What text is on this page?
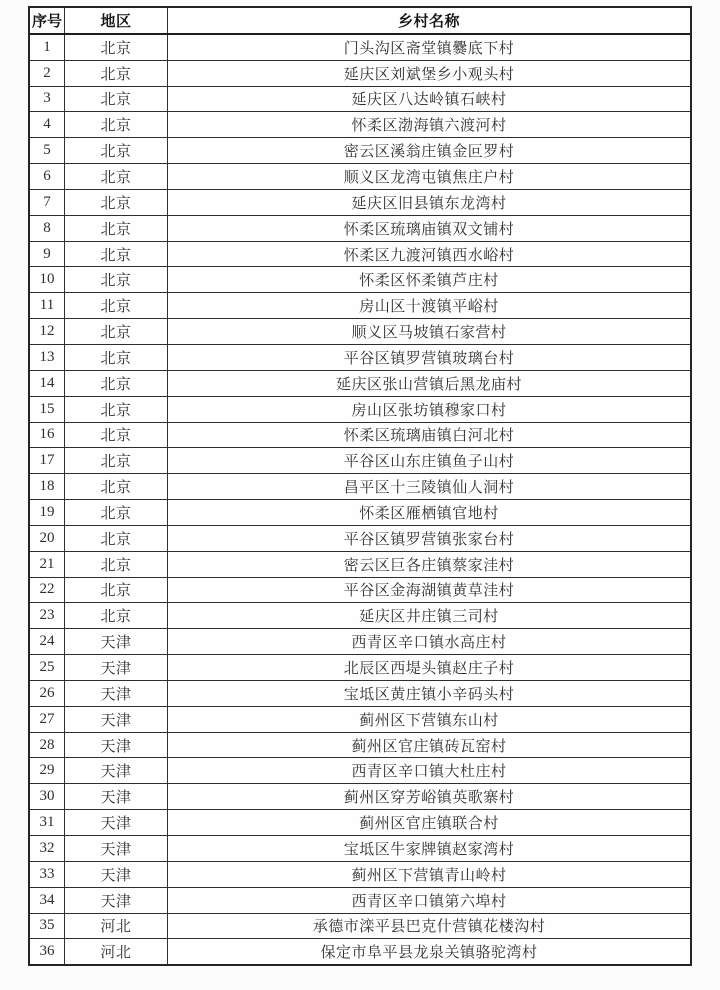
序号	地区	乡村名称
1	北京	门头沟区斋堂镇爨底下村
2	北京	延庆区刘斌堡乡小观头村
3	北京	延庆区八达岭镇石峡村
4	北京	怀柔区渤海镇六渡河村
5	北京	密云区溪翁庄镇金叵罗村
6	北京	顺义区龙湾屯镇焦庄户村
7	北京	延庆区旧县镇东龙湾村
8	北京	怀柔区琉璃庙镇双文铺村
9	北京	怀柔区九渡河镇西水峪村
10	北京	怀柔区怀柔镇芦庄村
11	北京	房山区十渡镇平峪村
12	北京	顺义区马坡镇石家营村
13	北京	平谷区镇罗营镇玻璃台村
14	北京	延庆区张山营镇后黑龙庙村
15	北京	房山区张坊镇穆家口村
16	北京	怀柔区琉璃庙镇白河北村
17	北京	平谷区山东庄镇鱼子山村
18	北京	昌平区十三陵镇仙人洞村
19	北京	怀柔区雁栖镇官地村
20	北京	平谷区镇罗营镇张家台村
21	北京	密云区巨各庄镇蔡家洼村
22	北京	平谷区金海湖镇黄草洼村
23	北京	延庆区井庄镇三司村
24	天津	西青区辛口镇水高庄村
25	天津	北辰区西堤头镇赵庄子村
26	天津	宝坻区黄庄镇小辛码头村
27	天津	蓟州区下营镇东山村
28	天津	蓟州区官庄镇砖瓦窑村
29	天津	西青区辛口镇大杜庄村
30	天津	蓟州区穿芳峪镇英歌寨村
31	天津	蓟州区官庄镇联合村
32	天津	宝坻区牛家牌镇赵家湾村
33	天津	蓟州区下营镇青山岭村
34	天津	西青区辛口镇第六埠村
35	河北	承德市滦平县巴克什营镇花楼沟村
36	河北	保定市阜平县龙泉关镇骆驼湾村
